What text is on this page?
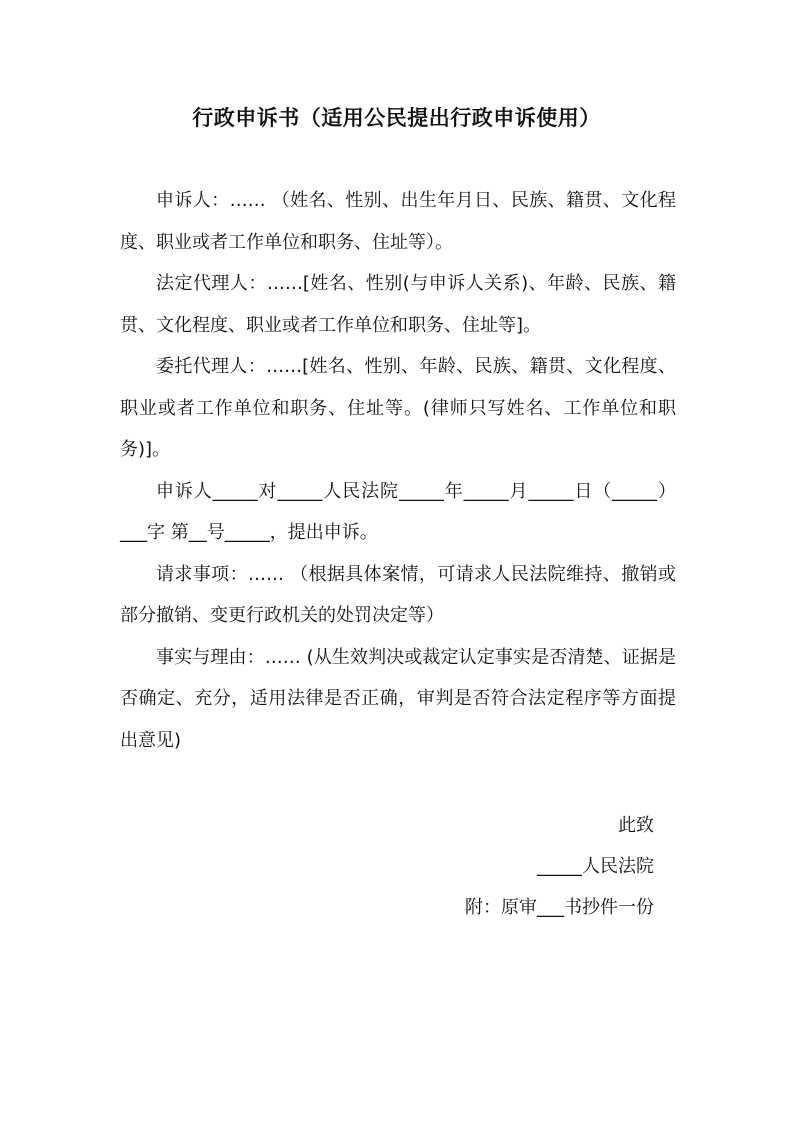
行政申诉书（适用公民提出行政申诉使用）

申诉人：…… （姓名、性别、出生年月日、民族、籍贯、文化程度、职业或者工作单位和职务、住址等）。

法定代理人：……[姓名、性别(与申诉人关系)、年龄、民族、籍贯、文化程度、职业或者工作单位和职务、住址等]。

委托代理人：……[姓名、性别、年龄、民族、籍贯、文化程度、职业或者工作单位和职务、住址等。(律师只写姓名、工作单位和职务)]。

申诉人_____对_____人民法院_____年_____月_____日（_____） ___字 第__号_____，提出申诉。

请求事项：…… （根据具体案情，可请求人民法院维持、撤销或部分撤销、变更行政机关的处罚决定等）

事实与理由：…… (从生效判决或裁定认定事实是否清楚、证据是否确定、充分，适用法律是否正确，审判是否符合法定程序等方面提出意见)

此致
_____人民法院
附：原审___书抄件一份
